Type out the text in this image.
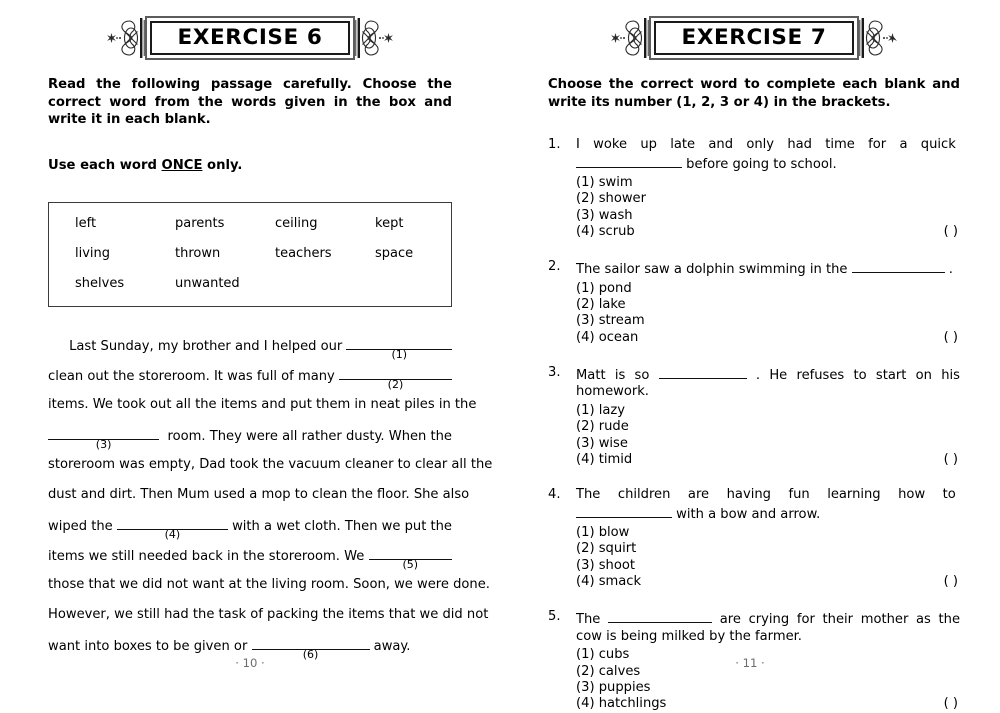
EXERCISE 6

Read the following passage carefully. Choose the correct word from the words given in the box and write it in each blank.

Use each word ONCE only.

left	parents	ceiling	kept
living	thrown	teachers	space
shelves	unwanted
Last Sunday, my brother and I helped our

(1)
clean out the storeroom. It was full of many

(2)
items. We took out all the items and put them in neat piles in the
(3)

room. They were all rather dusty. When the
storeroom was empty, Dad took the vacuum cleaner to clear all the
dust and dirt. Then Mum used a mop to clean the floor. She also
wiped the

(4)

with a wet cloth. Then we put the
items we still needed back in the storeroom. We

(5)
those that we did not want at the living room. Soon, we were done.
However, we still had the task of packing the items that we did not
want into boxes to be given or

(6)

away.
· 10 ·
EXERCISE 7

Choose the correct word to complete each blank and write its number (1, 2, 3 or 4) in the brackets.

1.	I woke up late and only had time for a quick  before going to school.
(1) swim
(2) shower
(3) wash
(4) scrub	( )
2.	The sailor saw a dolphin swimming in the	.
(1) pond
(2) lake
(3) stream
(4) ocean	( )
3.	Matt is so	. He refuses to start on his homework.
(1) lazy
(2) rude
(3) wise
(4) timid	( )
4.	The children are having fun learning how to  with a bow and arrow.
(1) blow
(2) squirt
(3) shoot
(4) smack	( )
5.	The	are crying for their mother as the cow is being milked by the farmer.
(1) cubs
(2) calves
(3) puppies
(4) hatchlings	( )
· 11 ·
